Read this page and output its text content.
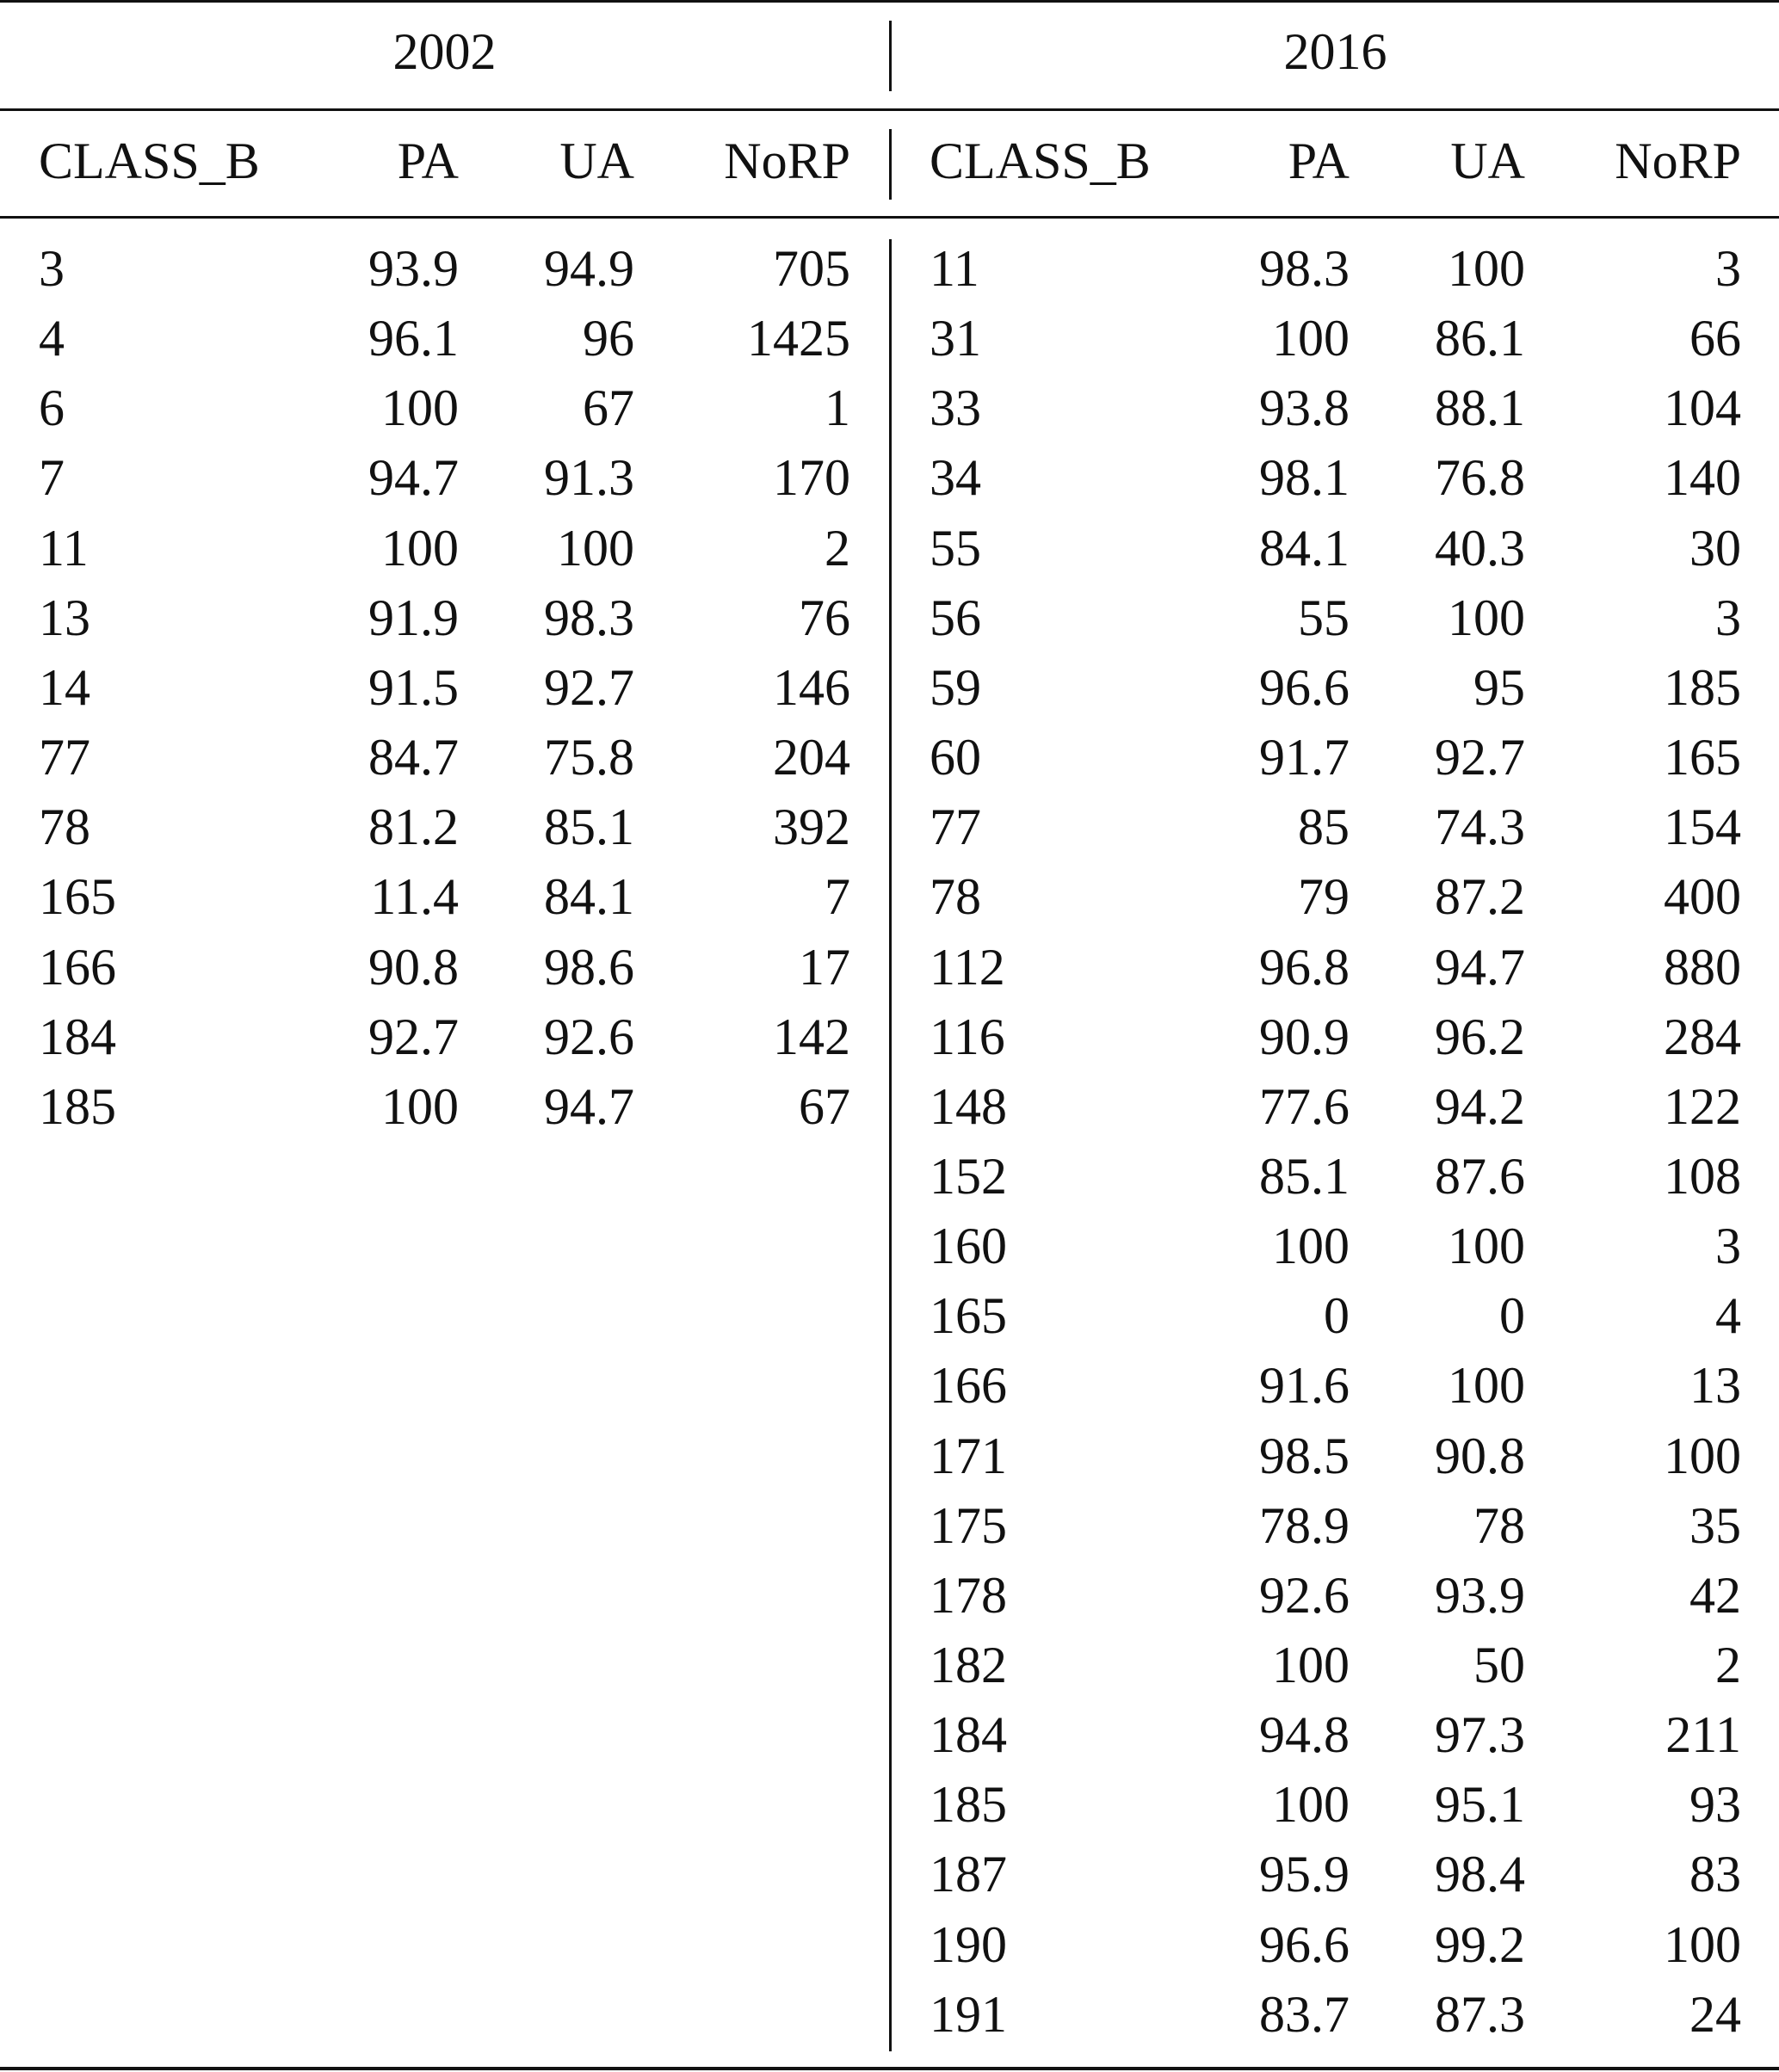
2002	2016
CLASS_B	PA	UA	NoRP CLASS_B	PA	UA	NoRP
3	93.9	94.9	705
4	96.1	96	1425
6	100	67	1
7	94.7	91.3	170
11	100	100	2
13	91.9	98.3	76
14	91.5	92.7	146
77	84.7	75.8	204
78	81.2	85.1	392
165	11.4	84.1	7
166	90.8	98.6	17
184	92.7	92.6	142
185	100	94.7	67
11	98.3	100	3
31	100	86.1	66
33	93.8	88.1	104
34	98.1	76.8	140
55	84.1	40.3	30
56	55	100	3
59	96.6	95	185
60	91.7	92.7	165
77	85	74.3	154
78	79	87.2	400
112	96.8	94.7	880
116	90.9	96.2	284
148	77.6	94.2	122
152	85.1	87.6	108
160	100	100	3
165	0	0	4
166	91.6	100	13
171	98.5	90.8	100
175	78.9	78	35
178	92.6	93.9	42
182	100	50	2
184	94.8	97.3	211
185	100	95.1	93
187	95.9	98.4	83
190	96.6	99.2	100
191	83.7	87.3	24
